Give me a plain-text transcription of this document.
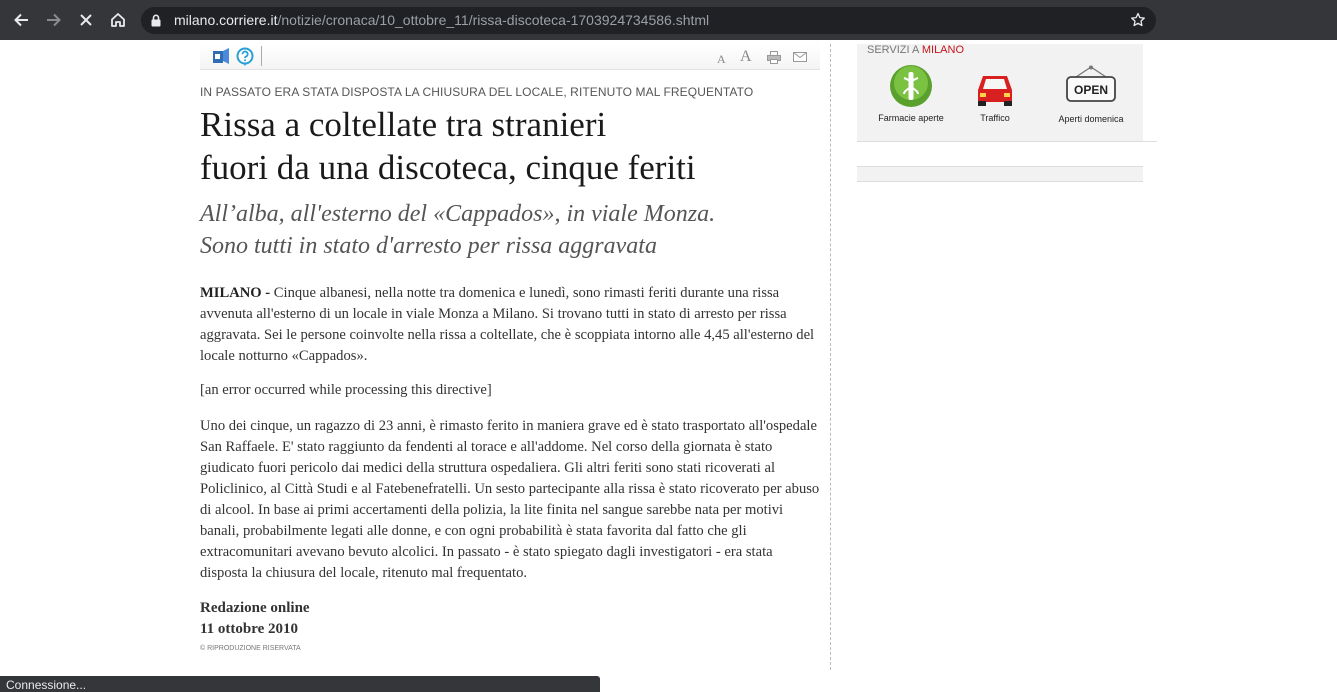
milano.corriere.it/notizie/cronaca/10_ottobre_11/rissa-discoteca-1703924734586.shtml
A A
IN PASSATO ERA STATA DISPOSTA LA CHIUSURA DEL LOCALE, RITENUTO MAL FREQUENTATO
Rissa a coltellate tra stranieri
fuori da una discoteca, cinque feriti
All’alba, all'esterno del «Cappados», in viale Monza.
Sono tutti in stato d'arresto per rissa aggravata

MILANO - Cinque albanesi, nella notte tra domenica e lunedì, sono rimasti feriti durante una rissa avvenuta all'esterno di un locale in viale Monza a Milano. Si trovano tutti in stato di arresto per rissa aggravata. Sei le persone coinvolte nella rissa a coltellate, che è scoppiata intorno alle 4,45 all'esterno del locale notturno «Cappados».

[an error occurred while processing this directive]

Uno dei cinque, un ragazzo di 23 anni, è rimasto ferito in maniera grave ed è stato trasportato all'ospedale San Raffaele. E' stato raggiunto da fendenti al torace e all'addome. Nel corso della giornata è stato giudicato fuori pericolo dai medici della struttura ospedaliera. Gli altri feriti sono stati ricoverati al Policlinico, al Città Studi e al Fatebenefratelli. Un sesto partecipante alla rissa è stato ricoverato per abuso di alcool. In base ai primi accertamenti della polizia, la lite finita nel sangue sarebbe nata per motivi banali, probabilmente legati alle donne, e con ogni probabilità è stata favorita dal fatto che gli extracomunitari avevano bevuto alcolici. In passato - è stato spiegato dagli investigatori - era stata disposta la chiusura del locale, ritenuto mal frequentato.

Redazione online
11 ottobre 2010
© RIPRODUZIONE RISERVATA
SERVIZI A MILANO
Farmacie aperte	Traffico
OPEN
Aperti domenica
Connessione...
